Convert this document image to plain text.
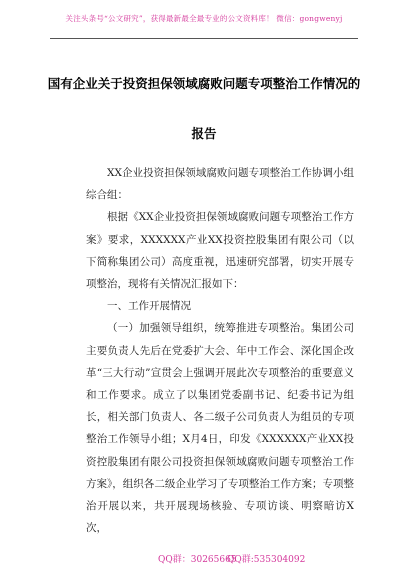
关注头条号“公文研究”，获得最新最全最专业的公文资料库！ 微信：gongwenyj
国有企业关于投资担保领域腐败问题专项整治工作情况的
报告

XX企业投资担保领域腐败问题专项整治工作协调小组综合组：

根据《XX企业投资担保领域腐败问题专项整治工作方案》要求，XXXXXX产业XX投资控股集团有限公司（以下简称集团公司）高度重视，迅速研究部署，切实开展专项整治，现将有关情况汇报如下：

一、工作开展情况

（一）加强领导组织，统筹推进专项整治。集团公司主要负责人先后在党委扩大会、年中工作会、深化国企改革“三大行动”宣贯会上强调开展此次专项整治的重要意义和工作要求。成立了以集团党委副书记、纪委书记为组长，相关部门负责人、各二级子公司负责人为组员的专项整治工作领导小组；X月4日，印发《XXXXXX产业XX投资控股集团有限公司投资担保领域腐败问题专项整治工作方案》，组织各二级企业学习了专项整治工作方案；专项整治开展以来，共开展现场核验、专项访谈、明察暗访X次，

QQ群：30265665
QQ群:535304092
